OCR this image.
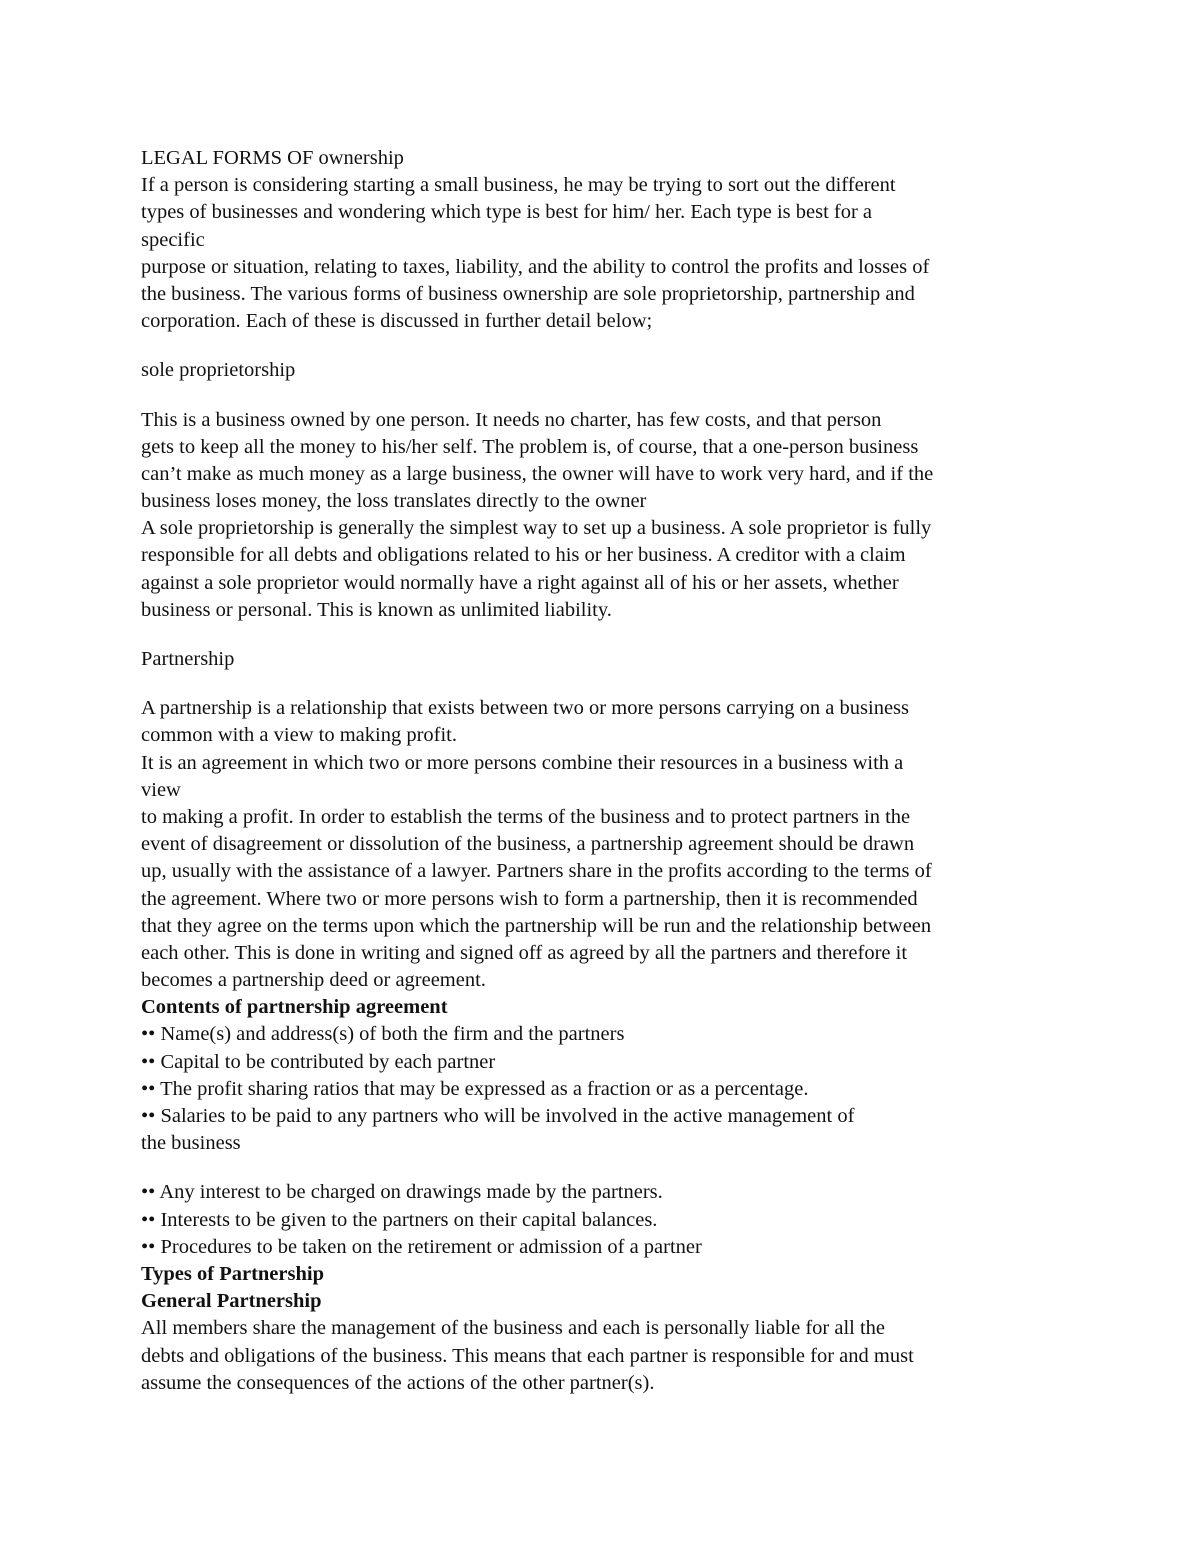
LEGAL FORMS OF ownership
If a person is considering starting a small business, he may be trying to sort out the different
types of businesses and wondering which type is best for him/ her. Each type is best for a
specific
purpose or situation, relating to taxes, liability, and the ability to control the profits and losses of
the business. The various forms of business ownership are sole proprietorship, partnership and
corporation. Each of these is discussed in further detail below;
sole proprietorship
This is a business owned by one person. It needs no charter, has few costs, and that person
gets to keep all the money to his/her self. The problem is, of course, that a one-person business
can’t make as much money as a large business, the owner will have to work very hard, and if the
business loses money, the loss translates directly to the owner
A sole proprietorship is generally the simplest way to set up a business. A sole proprietor is fully
responsible for all debts and obligations related to his or her business. A creditor with a claim
against a sole proprietor would normally have a right against all of his or her assets, whether
business or personal. This is known as unlimited liability.
Partnership
A partnership is a relationship that exists between two or more persons carrying on a business
common with a view to making profit.
It is an agreement in which two or more persons combine their resources in a business with a
view
to making a profit. In order to establish the terms of the business and to protect partners in the
event of disagreement or dissolution of the business, a partnership agreement should be drawn
up, usually with the assistance of a lawyer. Partners share in the profits according to the terms of
the agreement. Where two or more persons wish to form a partnership, then it is recommended
that they agree on the terms upon which the partnership will be run and the relationship between
each other. This is done in writing and signed off as agreed by all the partners and therefore it
becomes a partnership deed or agreement.
Contents of partnership agreement
•• Name(s) and address(s) of both the firm and the partners
•• Capital to be contributed by each partner
•• The profit sharing ratios that may be expressed as a fraction or as a percentage.
•• Salaries to be paid to any partners who will be involved in the active management of
the business
•• Any interest to be charged on drawings made by the partners.
•• Interests to be given to the partners on their capital balances.
•• Procedures to be taken on the retirement or admission of a partner
Types of Partnership
General Partnership
All members share the management of the business and each is personally liable for all the
debts and obligations of the business. This means that each partner is responsible for and must
assume the consequences of the actions of the other partner(s).
